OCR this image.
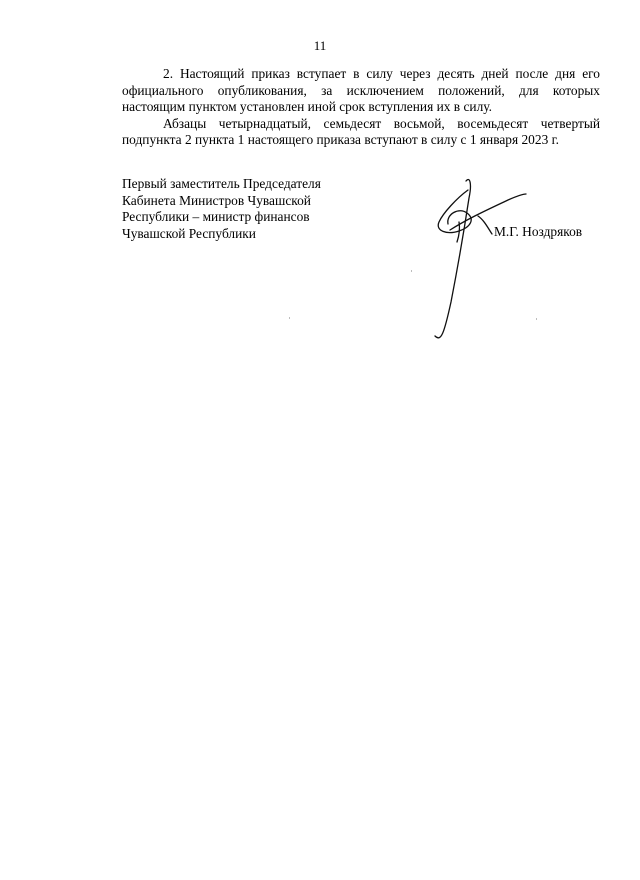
11

2. Настоящий приказ вступает в силу через десять дней после дня его официального опубликования, за исключением положений, для которых настоящим пунктом установлен иной срок вступления их в силу.

Абзацы четырнадцатый, семьдесят восьмой, восемьдесят четвертый подпункта 2 пункта 1 настоящего приказа вступают в силу с 1 января 2023 г.

Первый заместитель Председателя
Кабинета Министров Чувашской
Республики – министр финансов
Чувашской Республики	М.Г. Ноздряков
